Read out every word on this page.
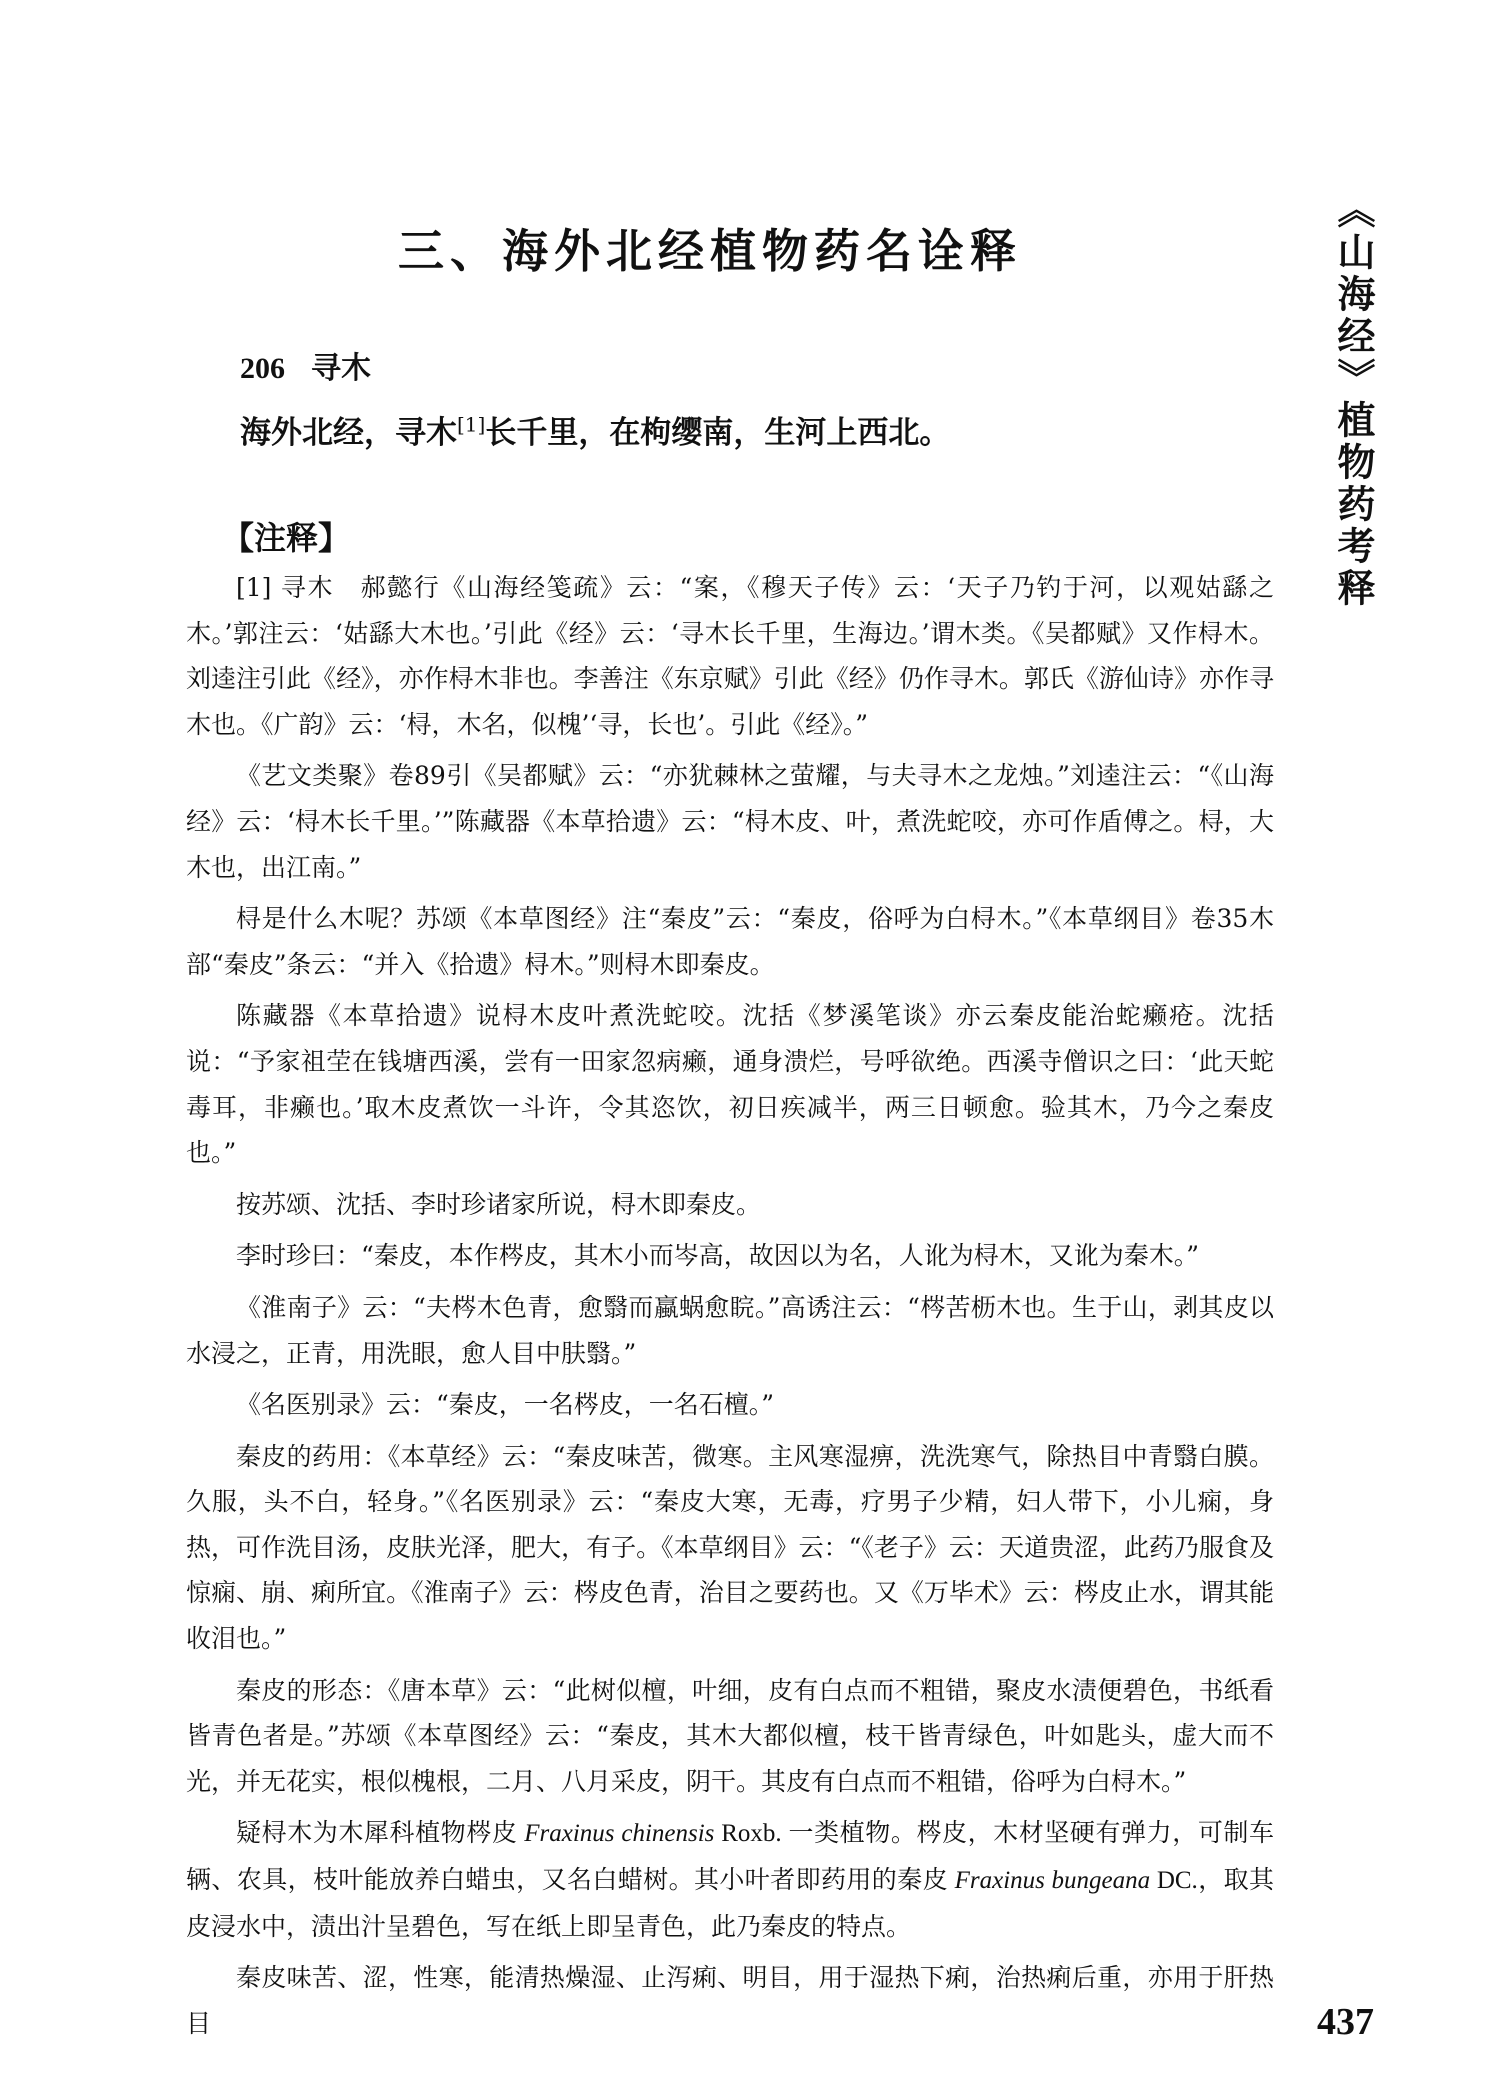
《山海经》植物药考释
三、海外北经植物药名诠释
206 寻木
海外北经，寻木[1]长千里，在枸缨南，生河上西北。
【注释】

[1] 寻木　郝懿行《山海经笺疏》云：“案，《穆天子传》云：‘天子乃钓于河，以观姑繇之木。’郭注云：‘姑繇大木也。’引此《经》云：‘寻木长千里，生海边。’谓木类。《吴都赋》又作桪木。刘逵注引此《经》，亦作桪木非也。李善注《东京赋》引此《经》仍作寻木。郭氏《游仙诗》亦作寻木也。《广韵》云：‘桪，木名，似槐’‘寻，长也’。引此《经》。”

《艺文类聚》卷89引《吴都赋》云：“亦犹棘林之萤耀，与夫寻木之龙烛。”刘逵注云：“《山海经》云：‘桪木长千里。’”陈藏器《本草拾遗》云：“桪木皮、叶，煮洗蛇咬，亦可作盾傅之。桪，大木也，出江南。”

桪是什么木呢？苏颂《本草图经》注“秦皮”云：“秦皮，俗呼为白桪木。”《本草纲目》卷35木部“秦皮”条云：“并入《拾遗》桪木。”则桪木即秦皮。

陈藏器《本草拾遗》说桪木皮叶煮洗蛇咬。沈括《梦溪笔谈》亦云秦皮能治蛇癞疮。沈括说：“予家祖茔在钱塘西溪，尝有一田家忽病癞，通身溃烂，号呼欲绝。西溪寺僧识之曰：‘此天蛇毒耳，非癞也。’取木皮煮饮一斗许，令其恣饮，初日疾减半，两三日顿愈。验其木，乃今之秦皮也。”

按苏颂、沈括、李时珍诸家所说，桪木即秦皮。

李时珍曰：“秦皮，本作梣皮，其木小而岑高，故因以为名，人讹为桪木，又讹为秦木。”

《淮南子》云：“夫梣木色青，愈翳而蠃蜗愈睆。”高诱注云：“梣苦枥木也。生于山，剥其皮以水浸之，正青，用洗眼，愈人目中肤翳。”

《名医别录》云：“秦皮，一名梣皮，一名石檀。”

秦皮的药用：《本草经》云：“秦皮味苦，微寒。主风寒湿痹，洗洗寒气，除热目中青翳白膜。久服，头不白，轻身。”《名医别录》云：“秦皮大寒，无毒，疗男子少精，妇人带下，小儿痫，身热，可作洗目汤，皮肤光泽，肥大，有子。《本草纲目》云：“《老子》云：天道贵涩，此药乃服食及惊痫、崩、痢所宜。《淮南子》云：梣皮色青，治目之要药也。又《万毕术》云：梣皮止水，谓其能收泪也。”

秦皮的形态：《唐本草》云：“此树似檀，叶细，皮有白点而不粗错，聚皮水渍便碧色，书纸看皆青色者是。”苏颂《本草图经》云：“秦皮，其木大都似檀，枝干皆青绿色，叶如匙头，虚大而不光，并无花实，根似槐根，二月、八月采皮，阴干。其皮有白点而不粗错，俗呼为白桪木。”

疑桪木为木犀科植物梣皮 Fraxinus chinensis Roxb. 一类植物。梣皮，木材坚硬有弹力，可制车辆、农具，枝叶能放养白蜡虫，又名白蜡树。其小叶者即药用的秦皮 Fraxinus bungeana DC.，取其皮浸水中，渍出汁呈碧色，写在纸上即呈青色，此乃秦皮的特点。

秦皮味苦、涩，性寒，能清热燥湿、止泻痢、明目，用于湿热下痢，治热痢后重，亦用于肝热目	437
